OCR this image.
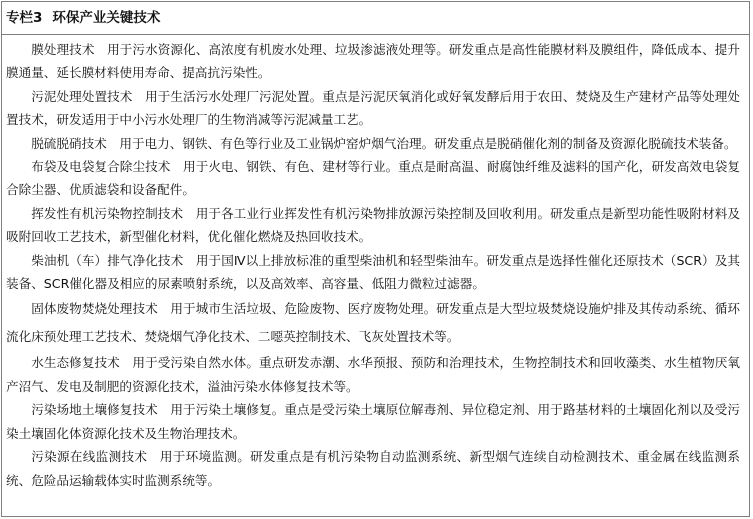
专栏3 环保产业关键技术

膜处理技术 用于污水资源化、高浓度有机废水处理、垃圾渗滤液处理等。研发重点是高性能膜材料及膜组件，降低成本、提升膜通量、延长膜材料使用寿命、提高抗污染性。

污泥处理处置技术 用于生活污水处理厂污泥处置。重点是污泥厌氧消化或好氧发酵后用于农田、焚烧及生产建材产品等处理处置技术，研发适用于中小污水处理厂的生物消减等污泥减量工艺。

脱硫脱硝技术 用于电力、钢铁、有色等行业及工业锅炉窑炉烟气治理。研发重点是脱硝催化剂的制备及资源化脱硫技术装备。

布袋及电袋复合除尘技术 用于火电、钢铁、有色、建材等行业。重点是耐高温、耐腐蚀纤维及滤料的国产化，研发高效电袋复合除尘器、优质滤袋和设备配件。

挥发性有机污染物控制技术 用于各工业行业挥发性有机污染物排放源污染控制及回收利用。研发重点是新型功能性吸附材料及吸附回收工艺技术，新型催化材料，优化催化燃烧及热回收技术。

柴油机（车）排气净化技术 用于国Ⅳ以上排放标准的重型柴油机和轻型柴油车。研发重点是选择性催化还原技术（SCR）及其装备、SCR催化器及相应的尿素喷射系统，以及高效率、高容量、低阻力微粒过滤器。

固体废物焚烧处理技术 用于城市生活垃圾、危险废物、医疗废物处理。研发重点是大型垃圾焚烧设施炉排及其传动系统、循环流化床预处理工艺技术、焚烧烟气净化技术、二噁英控制技术、飞灰处置技术等。

水生态修复技术 用于受污染自然水体。重点研发赤潮、水华预报、预防和治理技术，生物控制技术和回收藻类、水生植物厌氧产沼气、发电及制肥的资源化技术，溢油污染水体修复技术等。

污染场地土壤修复技术 用于污染土壤修复。重点是受污染土壤原位解毒剂、异位稳定剂、用于路基材料的土壤固化剂以及受污染土壤固化体资源化技术及生物治理技术。

污染源在线监测技术 用于环境监测。研发重点是有机污染物自动监测系统、新型烟气连续自动检测技术、重金属在线监测系统、危险品运输载体实时监测系统等。
